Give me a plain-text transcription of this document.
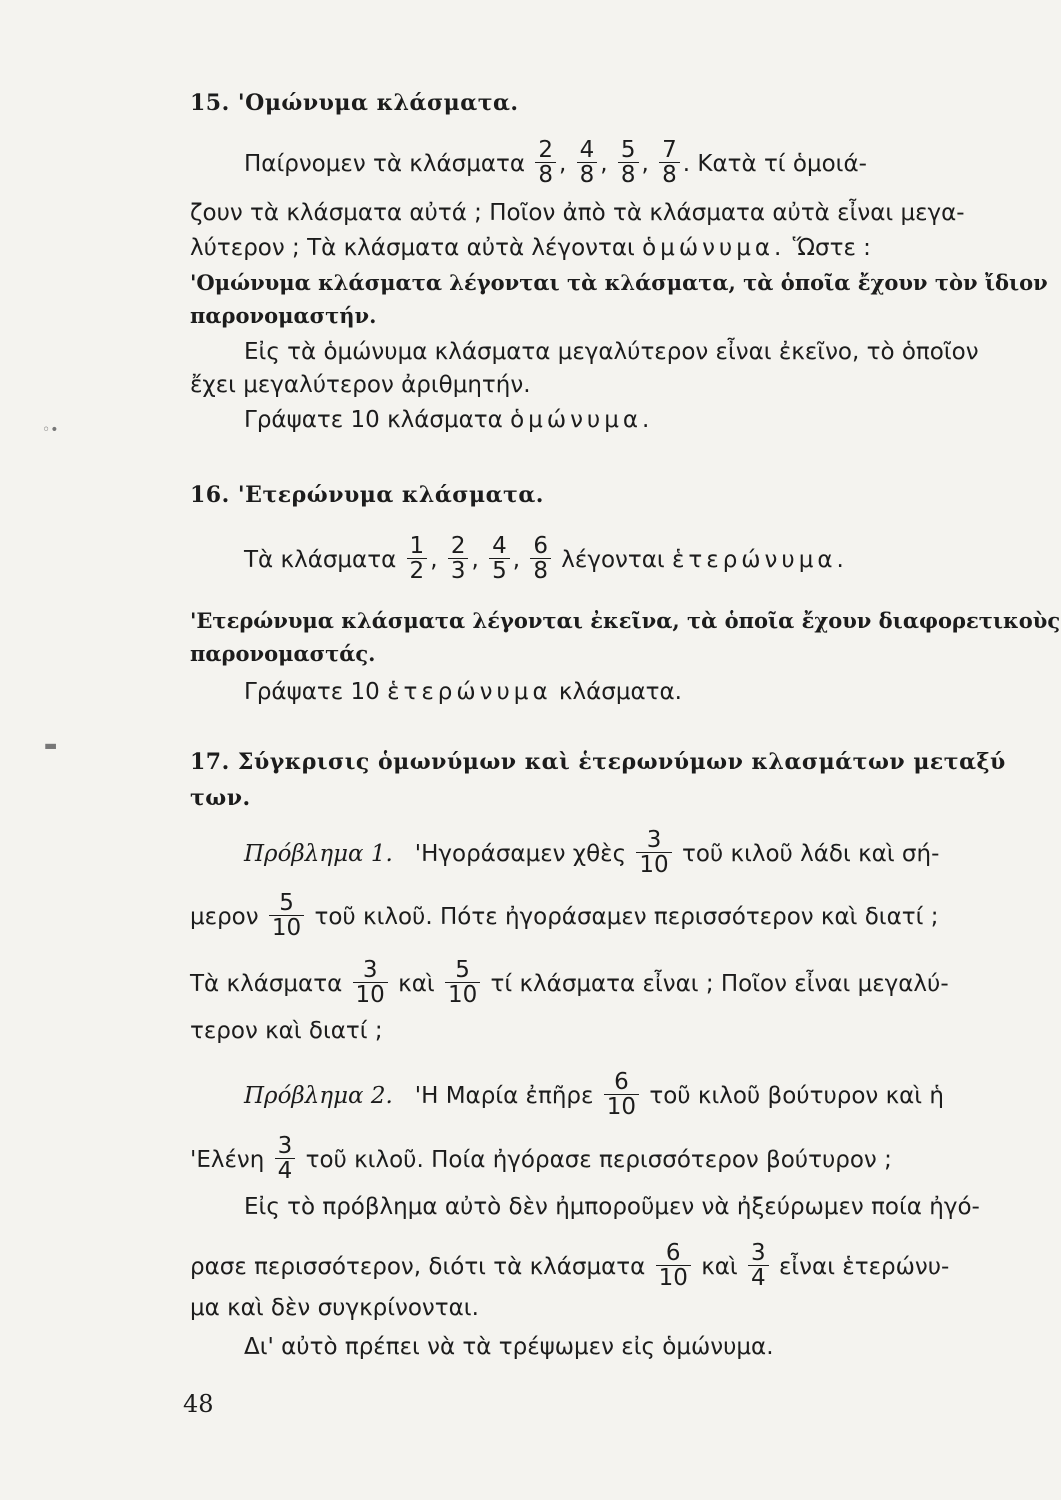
15. 'Ομώνυμα κλάσματα.
Παίρνομεν τὰ κλάσματα $\frac{2}{8}$ , $\frac{4}{8}$ , $\frac{5}{8}$ , $\frac{7}{8}$ . Κατὰ τί ὁμοιά-
ζουν τὰ κλάσματα αὐτά ; Ποῖον ἀπὸ τὰ κλάσματα αὐτὰ εἶναι μεγα-
λύτερον ; Τὰ κλάσματα αὐτὰ λέγονται ὁμώνυμα. Ὥστε :
'Ομώνυμα κλάσματα λέγονται τὰ κλάσματα, τὰ ὁποῖα ἔχουν τὸν ἴδιον
παρονομαστήν.
Εἰς τὰ ὁμώνυμα κλάσματα μεγαλύτερον εἶναι ἐκεῖνο, τὸ ὁποῖον
ἔχει μεγαλύτερον ἀριθμητήν.
Γράψατε 10 κλάσματα ὁμώνυμα.
16. 'Ετερώνυμα κλάσματα.
Τὰ κλάσματα $\frac{1}{2}$ , $\frac{2}{3}$ , $\frac{4}{5}$ , $\frac{6}{8}$ λέγονται ἑτερώνυμα.
'Ετερώνυμα κλάσματα λέγονται ἐκεῖνα, τὰ ὁποῖα ἔχουν διαφορετικοὺς
παρονομαστάς.
Γράψατε 10 ἑτερώνυμα κλάσματα.
17. Σύγκρισις ὁμωνύμων καὶ ἑτερωνύμων κλασμάτων μεταξύ
των.
Πρόβλημα 1. 'Ηγοράσαμεν χθὲς $\frac{3}{10}$ τοῦ κιλοῦ λάδι καὶ σή-
μερον $\frac{5}{10}$ τοῦ κιλοῦ. Πότε ἠγοράσαμεν περισσότερον καὶ διατί ;
Τὰ κλάσματα $\frac{3}{10}$ καὶ $\frac{5}{10}$ τί κλάσματα εἶναι ; Ποῖον εἶναι μεγαλύ-
τερον καὶ διατί ;
Πρόβλημα 2. 'Η Μαρία ἐπῆρε $\frac{6}{10}$ τοῦ κιλοῦ βούτυρον καὶ ἡ
'$E\lambda έ\nu\eta \frac{3}{4}$ τοῦ κιλοῦ. Ποία ἠγόρασε περισσότερον βούτυρον ;
Εἰς τὸ πρόβλημα αὐτὸ δὲν ἠμποροῦμεν νὰ ἠξεύρωμεν ποία ἠγό-
ρασε περισσότερον, διότι τὰ κλάσματα $\frac{6}{10}$ καὶ $\frac{3}{4}$ εἶναι ἑτερώνυ-
μα καὶ δὲν συγκρίνονται.
Δι' αὐτὸ πρέπει νὰ τὰ τρέψωμεν εἰς ὁμώνυμα.
48
◦•
▬
